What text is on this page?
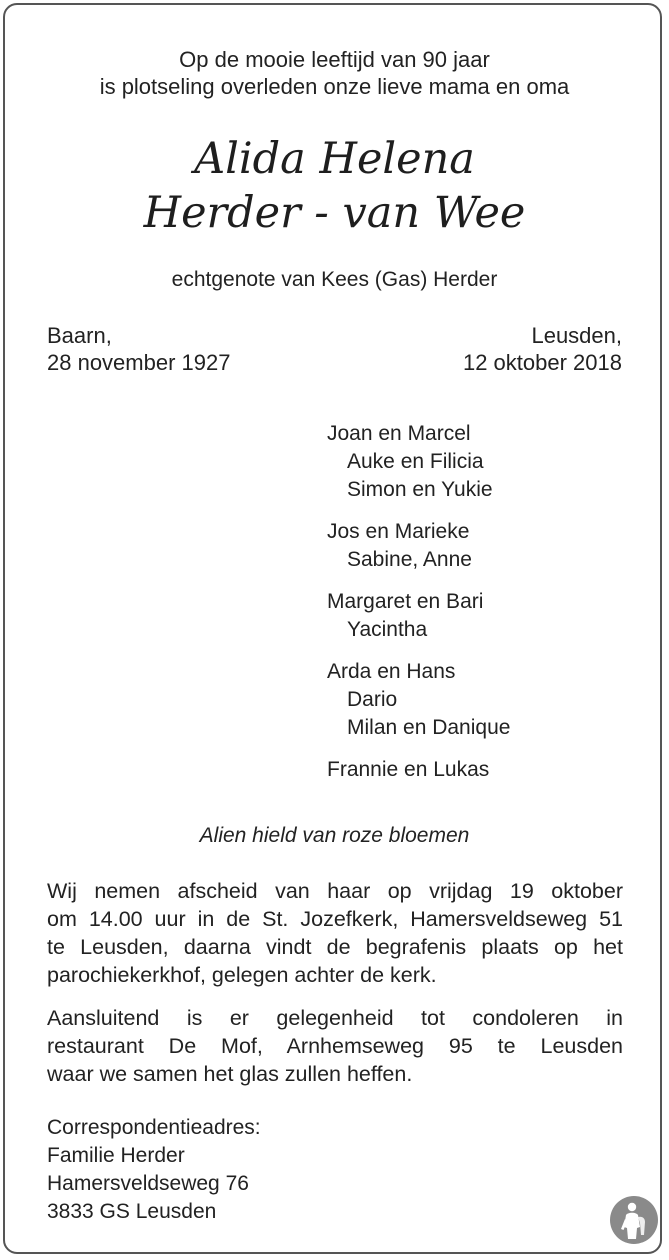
Op de mooie leeftijd van 90 jaar
is plotseling overleden onze lieve mama en oma
Alida Helena
Herder - van Wee
echtgenote van Kees (Gas) Herder
Baarn,
28 november 1927
Leusden,
12 oktober 2018
Joan en Marcel
Auke en Filicia
Simon en Yukie
Jos en Marieke
Sabine, Anne
Margaret en Bari
Yacintha
Arda en Hans
Dario
Milan en Danique
Frannie en Lukas
Alien hield van roze bloemen
Wij nemen afscheid van haar op vrijdag 19 oktober
om 14.00 uur in de St. Jozefkerk, Hamersveldseweg 51
te Leusden, daarna vindt de begrafenis plaats op het
parochiekerkhof, gelegen achter de kerk.
Aansluitend is er gelegenheid tot condoleren in
restaurant De Mof, Arnhemseweg 95 te Leusden
waar we samen het glas zullen heffen.
Correspondentieadres:
Familie Herder
Hamersveldseweg 76
3833 GS Leusden
